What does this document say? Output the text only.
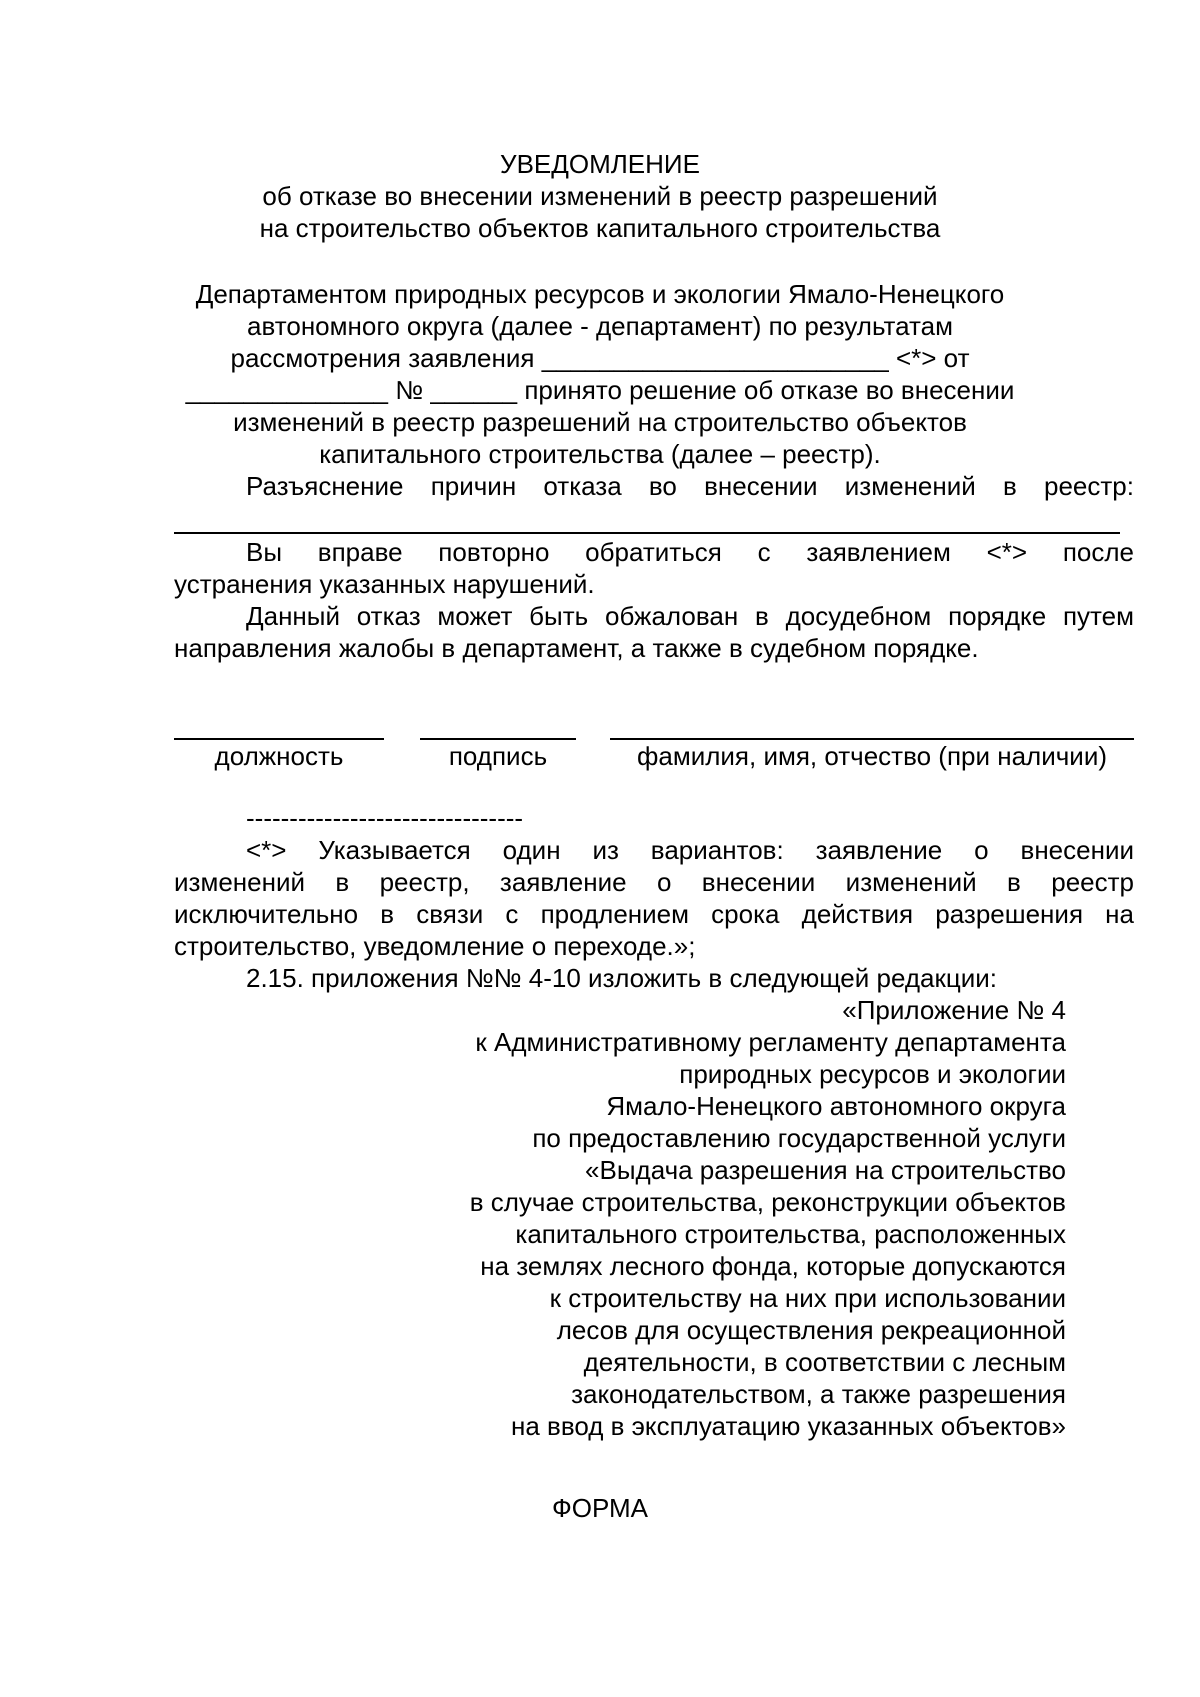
УВЕДОМЛЕНИЕ
об отказе во внесении изменений в реестр разрешений
на строительство объектов капитального строительства
Департаментом природных ресурсов и экологии Ямало-Ненецкого
автономного округа (далее - департамент) по результатам
рассмотрения заявления ________________________ <*> от
______________ № ______ принято решение об отказе во внесении
изменений в реестр разрешений на строительство объектов
капитального строительства (далее – реестр).
Разъяснение причин отказа во внесении изменений в реестр:
Вы вправе повторно обратиться с заявлением <*> после
устранения указанных нарушений.
Данный отказ может быть обжалован в досудебном порядке путем
направления жалобы в департамент, а также в судебном порядке.
должность	подпись	фамилия, имя, отчество (при наличии)
--------------------------------
<*> Указывается один из вариантов: заявление о внесении
изменений в реестр, заявление о внесении изменений в реестр
исключительно в связи с продлением срока действия разрешения на
строительство, уведомление о переходе.»;
2.15. приложения №№ 4-10 изложить в следующей редакции:
«Приложение № 4
к Административному регламенту департамента
природных ресурсов и экологии
Ямало-Ненецкого автономного округа
по предоставлению государственной услуги
«Выдача разрешения на строительство
в случае строительства, реконструкции объектов
капитального строительства, расположенных
на землях лесного фонда, которые допускаются
к строительству на них при использовании
лесов для осуществления рекреационной
деятельности, в соответствии с лесным
законодательством, а также разрешения
на ввод в эксплуатацию указанных объектов»
ФОРМА
